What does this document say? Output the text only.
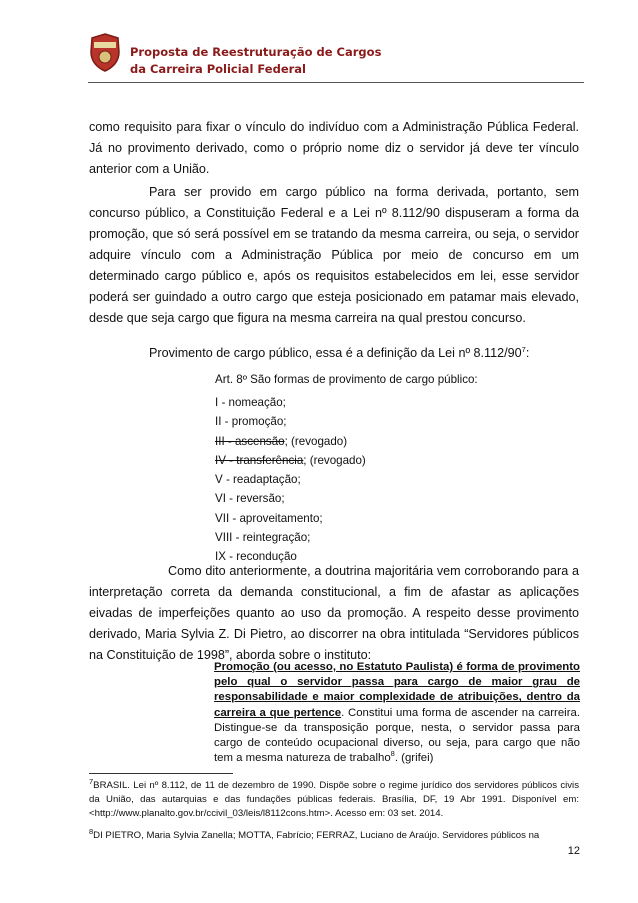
Proposta de Reestruturação de Cargos
da Carreira Policial Federal
como requisito para fixar o vínculo do indivíduo com a Administração Pública Federal. Já no provimento derivado, como o próprio nome diz o servidor já deve ter vínculo anterior com a União.
Para ser provido em cargo público na forma derivada, portanto, sem concurso público, a Constituição Federal e a Lei nº 8.112/90 dispuseram a forma da promoção, que só será possível em se tratando da mesma carreira, ou seja, o servidor adquire vínculo com a Administração Pública por meio de concurso em um determinado cargo público e, após os requisitos estabelecidos em lei, esse servidor poderá ser guindado a outro cargo que esteja posicionado em patamar mais elevado, desde que seja cargo que figura na mesma carreira na qual prestou concurso.
Provimento de cargo público, essa é a definição da Lei nº $8.112/90^7$:
Art. 8º São formas de provimento de cargo público:
I - nomeação;
II - promoção;
III - ascensão; (revogado)
IV - transferência; (revogado)
V - readaptação;
VI - reversão;
VII - aproveitamento;
VIII - reintegração;
IX - recondução
Como dito anteriormente, a doutrina majoritária vem corroborando para a interpretação correta da demanda constitucional, a fim de afastar as aplicações eivadas de imperfeições quanto ao uso da promoção. A respeito desse provimento derivado, Maria Sylvia Z. Di Pietro, ao discorrer na obra intitulada “Servidores públicos na Constituição de 1998”, aborda sobre o instituto:
Promoção (ou acesso, no Estatuto Paulista) é forma de provimento pelo qual o servidor passa para cargo de maior grau de responsabilidade e maior complexidade de atribuições, dentro da carreira a que pertence. Constitui uma forma de ascender na carreira. Distingue-se da transposição porque, nesta, o servidor passa para cargo de conteúdo ocupacional diverso, ou seja, para cargo que não tem a mesma natureza de trabalho$^8$. (grifei)
$^7$BRASIL. Lei nº 8.112, de 11 de dezembro de 1990. Dispõe sobre o regime jurídico dos servidores públicos civis da União, das autarquias e das fundações públicas federais. Brasília, DF, 19 Abr 1991. Disponível em: <http://www.planalto.gov.br/ccivil_03/leis/l8112cons.htm>. Acesso em: 03 set. 2014.
$^8$DI PIETRO, Maria Sylvia Zanella; MOTTA, Fabrício; FERRAZ, Luciano de Araújo. Servidores públicos na
12
